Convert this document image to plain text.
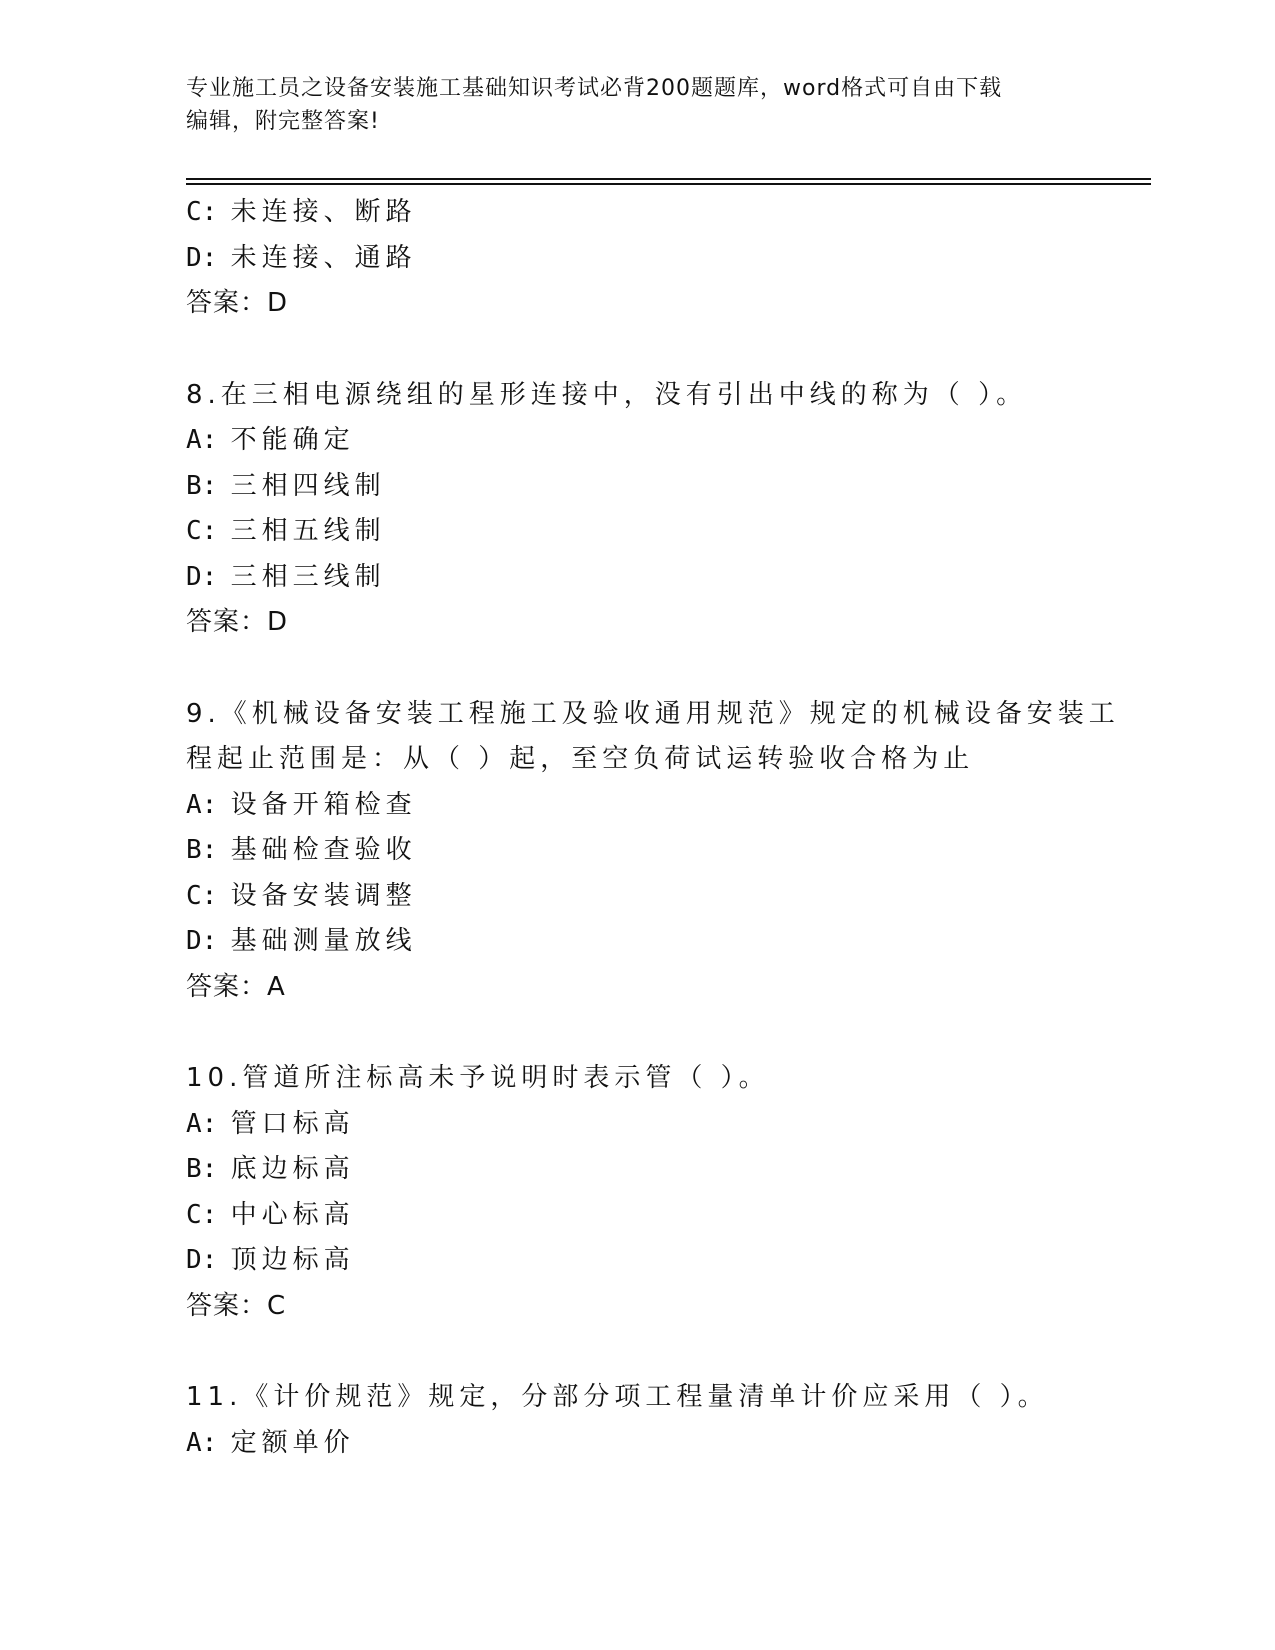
专业施工员之设备安装施工基础知识考试必背200题题库，word格式可自由下载
编辑，附完整答案!
C: 未连接、断路
D: 未连接、通路
答案：D
8.在三相电源绕组的星形连接中，没有引出中线的称为（ ）。
A: 不能确定
B: 三相四线制
C: 三相五线制
D: 三相三线制
答案：D
9.《机械设备安装工程施工及验收通用规范》规定的机械设备安装工
程起止范围是：从（ ）起，至空负荷试运转验收合格为止
A: 设备开箱检查
B: 基础检查验收
C: 设备安装调整
D: 基础测量放线
答案：A
10.管道所注标高未予说明时表示管（ ）。
A: 管口标高
B: 底边标高
C: 中心标高
D: 顶边标高
答案：C
11.《计价规范》规定，分部分项工程量清单计价应采用（ ）。
A: 定额单价
